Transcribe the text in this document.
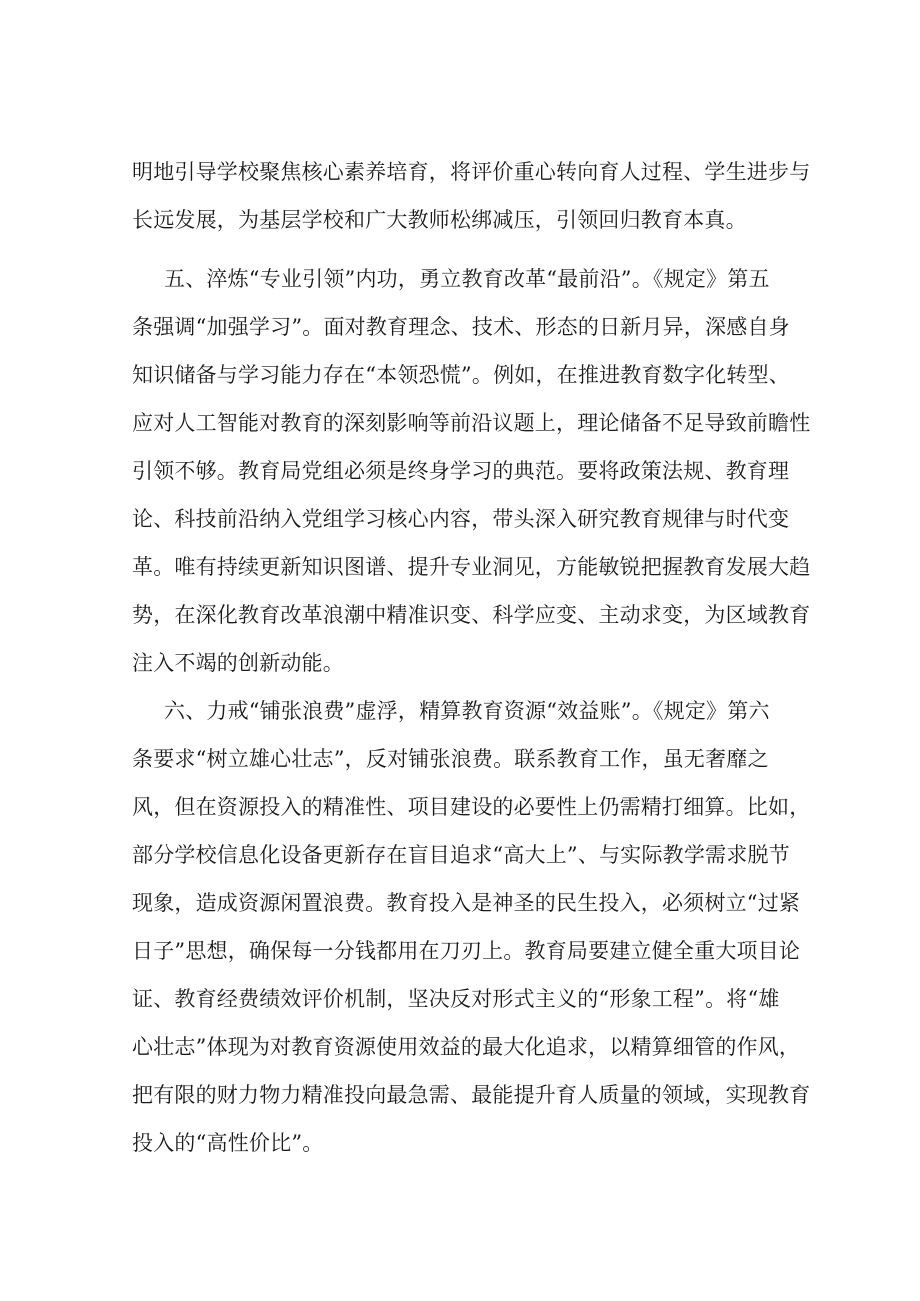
明地引导学校聚焦核心素养培育，将评价重心转向育人过程、学生进步与
长远发展，为基层学校和广大教师松绑减压，引领回归教育本真。

五、淬炼“专业引领”内功，勇立教育改革“最前沿”。《规定》第五
条强调“加强学习”。面对教育理念、技术、形态的日新月异，深感自身
知识储备与学习能力存在“本领恐慌”。例如，在推进教育数字化转型、
应对人工智能对教育的深刻影响等前沿议题上，理论储备不足导致前瞻性
引领不够。教育局党组必须是终身学习的典范。要将政策法规、教育理
论、科技前沿纳入党组学习核心内容，带头深入研究教育规律与时代变
革。唯有持续更新知识图谱、提升专业洞见，方能敏锐把握教育发展大趋
势，在深化教育改革浪潮中精准识变、科学应变、主动求变，为区域教育
注入不竭的创新动能。

六、力戒“铺张浪费”虚浮，精算教育资源“效益账”。《规定》第六
条要求“树立雄心壮志”，反对铺张浪费。联系教育工作，虽无奢靡之
风，但在资源投入的精准性、项目建设的必要性上仍需精打细算。比如，
部分学校信息化设备更新存在盲目追求“高大上”、与实际教学需求脱节
现象，造成资源闲置浪费。教育投入是神圣的民生投入，必须树立“过紧
日子”思想，确保每一分钱都用在刀刃上。教育局要建立健全重大项目论
证、教育经费绩效评价机制，坚决反对形式主义的“形象工程”。将“雄
心壮志”体现为对教育资源使用效益的最大化追求，以精算细管的作风，
把有限的财力物力精准投向最急需、最能提升育人质量的领域，实现教育
投入的“高性价比”。
